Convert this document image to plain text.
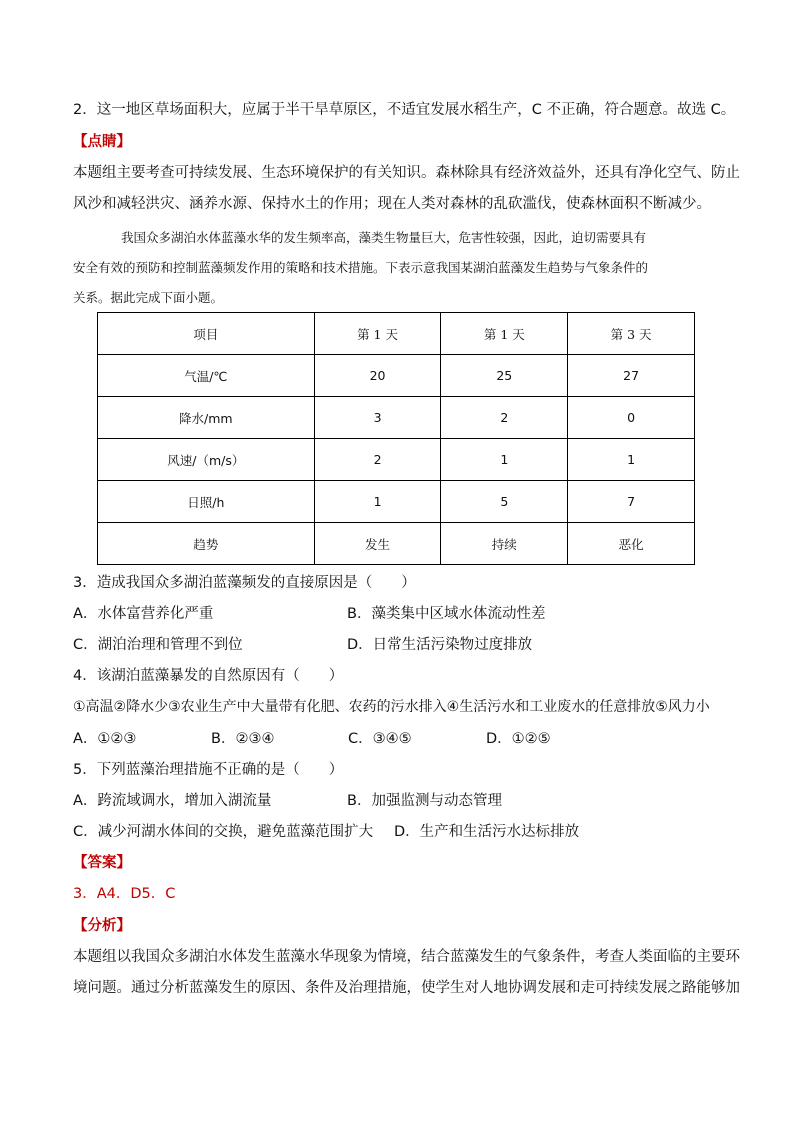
2．这一地区草场面积大，应属于半干旱草原区，不适宜发展水稻生产，C 不正确，符合题意。故选 C。
【点睛】
本题组主要考查可持续发展、生态环境保护的有关知识。森林除具有经济效益外，还具有净化空气、防止
风沙和减轻洪灾、涵养水源、保持水土的作用；现在人类对森林的乱砍滥伐，使森林面积不断减少。
我国众多湖泊水体蓝藻水华的发生频率高，藻类生物量巨大，危害性较强，因此，迫切需要具有
安全有效的预防和控制蓝藻频发作用的策略和技术措施。下表示意我国某湖泊蓝藻发生趋势与气象条件的
关系。据此完成下面小题。
项目	第 1 天	第 1 天	第 3 天
气温/℃	20	25	27
降水/mm	3	2	0
风速/（m/s）	2	1	1
日照/h	1	5	7
趋势	发生	持续	恶化
3．造成我国众多湖泊蓝藻频发的直接原因是（　　）
A．水体富营养化严重	B．藻类集中区域水体流动性差
C．湖泊治理和管理不到位	D．日常生活污染物过度排放
4．该湖泊蓝藻暴发的自然原因有（　　）
①高温②降水少③农业生产中大量带有化肥、农药的污水排入④生活污水和工业废水的任意排放⑤风力小
A．①②③	B．②③④	C．③④⑤	D．①②⑤
5．下列蓝藻治理措施不正确的是（　　）
A．跨流域调水，增加入湖流量	B．加强监测与动态管理
C．减少河湖水体间的交换，避免蓝藻范围扩大 D．生产和生活污水达标排放
【答案】
3．A4．D5．C
【分析】
本题组以我国众多湖泊水体发生蓝藻水华现象为情境，结合蓝藻发生的气象条件，考查人类面临的主要环
境问题。通过分析蓝藻发生的原因、条件及治理措施，使学生对人地协调发展和走可持续发展之路能够加
